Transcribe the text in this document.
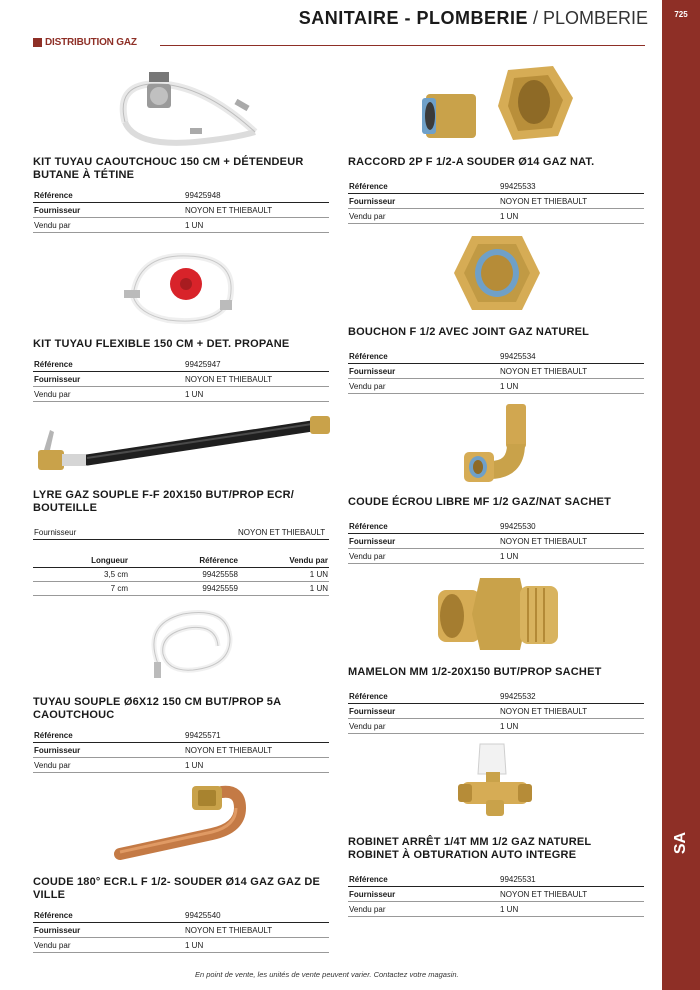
725
SA
SANITAIRE - PLOMBERIE / PLOMBERIE
DISTRIBUTION GAZ
KIT TUYAU CAOUTCHOUC 150 CM + DÉTENDEUR BUTANE À TÉTINE
Référence	99425948
Fournisseur	NOYON ET THIEBAULT
Vendu par	1 UN
KIT TUYAU FLEXIBLE 150 CM + DET. PROPANE
Référence	99425947
Fournisseur	NOYON ET THIEBAULT
Vendu par	1 UN
LYRE GAZ SOUPLE F-F 20X150 BUT/PROP ECR/ BOUTEILLE
Fournisseur	NOYON ET THIEBAULT
Longueur	Référence	Vendu par
3,5 cm	99425558	1 UN
7 cm	99425559	1 UN
TUYAU SOUPLE Ø6X12 150 CM BUT/PROP 5A CAOUTCHOUC
Référence	99425571
Fournisseur	NOYON ET THIEBAULT
Vendu par	1 UN
COUDE 180° ECR.L F 1/2- SOUDER Ø14 GAZ GAZ DE VILLE
Référence	99425540
Fournisseur	NOYON ET THIEBAULT
Vendu par	1 UN
RACCORD 2P F 1/2-A SOUDER Ø14 GAZ NAT.
Référence	99425533
Fournisseur	NOYON ET THIEBAULT
Vendu par	1 UN
BOUCHON F 1/2 AVEC JOINT GAZ NATUREL
Référence	99425534
Fournisseur	NOYON ET THIEBAULT
Vendu par	1 UN
COUDE ÉCROU LIBRE MF 1/2 GAZ/NAT SACHET
Référence	99425530
Fournisseur	NOYON ET THIEBAULT
Vendu par	1 UN
MAMELON MM 1/2-20X150 BUT/PROP SACHET
Référence	99425532
Fournisseur	NOYON ET THIEBAULT
Vendu par	1 UN
ROBINET ARRÊT 1/4T MM 1/2 GAZ NATUREL ROBINET À OBTURATION AUTO INTEGRE
Référence	99425531
Fournisseur	NOYON ET THIEBAULT
Vendu par	1 UN
En point de vente, les unités de vente peuvent varier. Contactez votre magasin.
